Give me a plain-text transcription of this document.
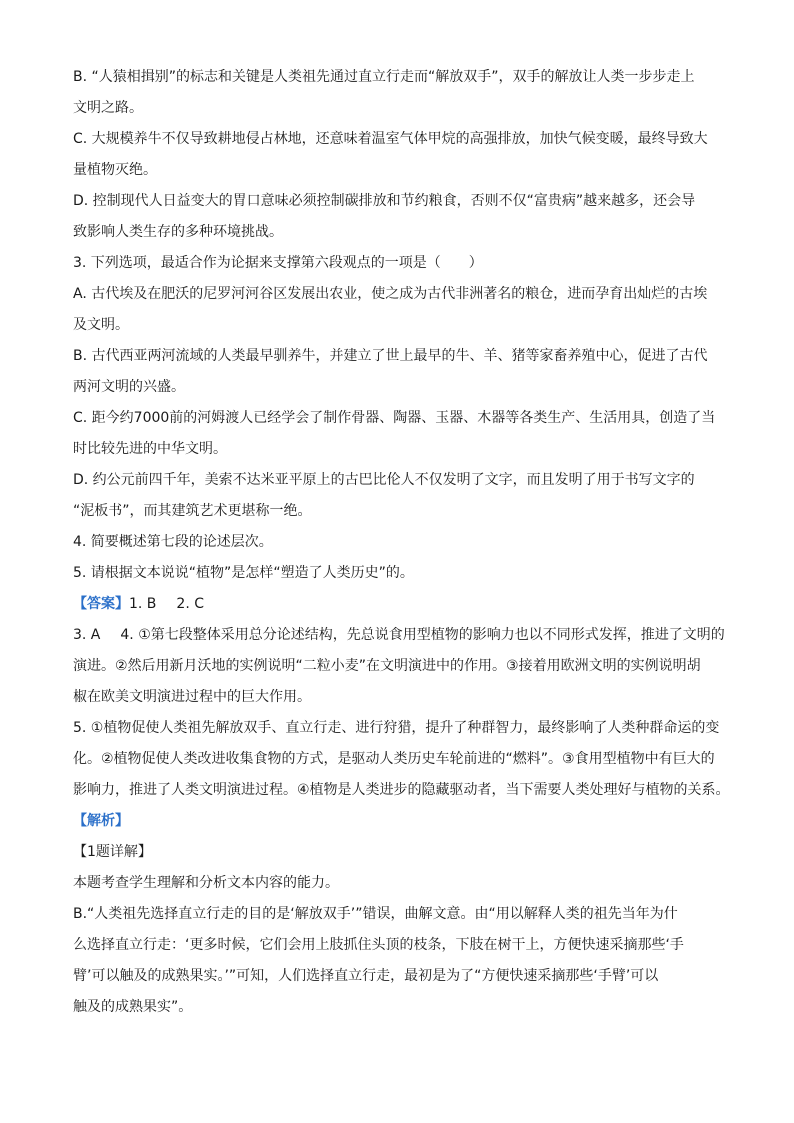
B. “人猿相揖别”的标志和关键是人类祖先通过直立行走而“解放双手”，双手的解放让人类一步步走上
文明之路。
C. 大规模养牛不仅导致耕地侵占林地，还意味着温室气体甲烷的高强排放，加快气候变暖，最终导致大
量植物灭绝。
D. 控制现代人日益变大的胃口意味必须控制碳排放和节约粮食，否则不仅“富贵病”越来越多，还会导
致影响人类生存的多种环境挑战。
3. 下列选项，最适合作为论据来支撑第六段观点的一项是（　　）
A. 古代埃及在肥沃的尼罗河河谷区发展出农业，使之成为古代非洲著名的粮仓，进而孕育出灿烂的古埃
及文明。
B. 古代西亚两河流域的人类最早驯养牛，并建立了世上最早的牛、羊、猪等家畜养殖中心，促进了古代
两河文明的兴盛。
C. 距今约7000前的河姆渡人已经学会了制作骨器、陶器、玉器、木器等各类生产、生活用具，创造了当
时比较先进的中华文明。
D. 约公元前四千年，美索不达米亚平原上的古巴比伦人不仅发明了文字，而且发明了用于书写文字的
“泥板书”，而其建筑艺术更堪称一绝。
4. 简要概述第七段的论述层次。
5. 请根据文本说说“植物”是怎样“塑造了人类历史”的。
【答案】1. B 2. C
3. A 4. ①第七段整体采用总分论述结构，先总说食用型植物的影响力也以不同形式发挥，推进了文明的
演进。②然后用新月沃地的实例说明“二粒小麦”在文明演进中的作用。③接着用欧洲文明的实例说明胡
椒在欧美文明演进过程中的巨大作用。
5. ①植物促使人类祖先解放双手、直立行走、进行狩猎，提升了种群智力，最终影响了人类种群命运的变
化。②植物促使人类改进收集食物的方式，是驱动人类历史车轮前进的“燃料”。③食用型植物中有巨大的
影响力，推进了人类文明演进过程。④植物是人类进步的隐藏驱动者，当下需要人类处理好与植物的关系。
【解析】
【1题详解】
本题考查学生理解和分析文本内容的能力。
B.“人类祖先选择直立行走的目的是‘解放双手’”错误，曲解文意。由“用以解释人类的祖先当年为什
么选择直立行走：‘更多时候，它们会用上肢抓住头顶的枝条，下肢在树干上，方便快速采摘那些‘手
臂’可以触及的成熟果实。’”可知，人们选择直立行走，最初是为了“方便快速采摘那些‘手臂’可以
触及的成熟果实”。
